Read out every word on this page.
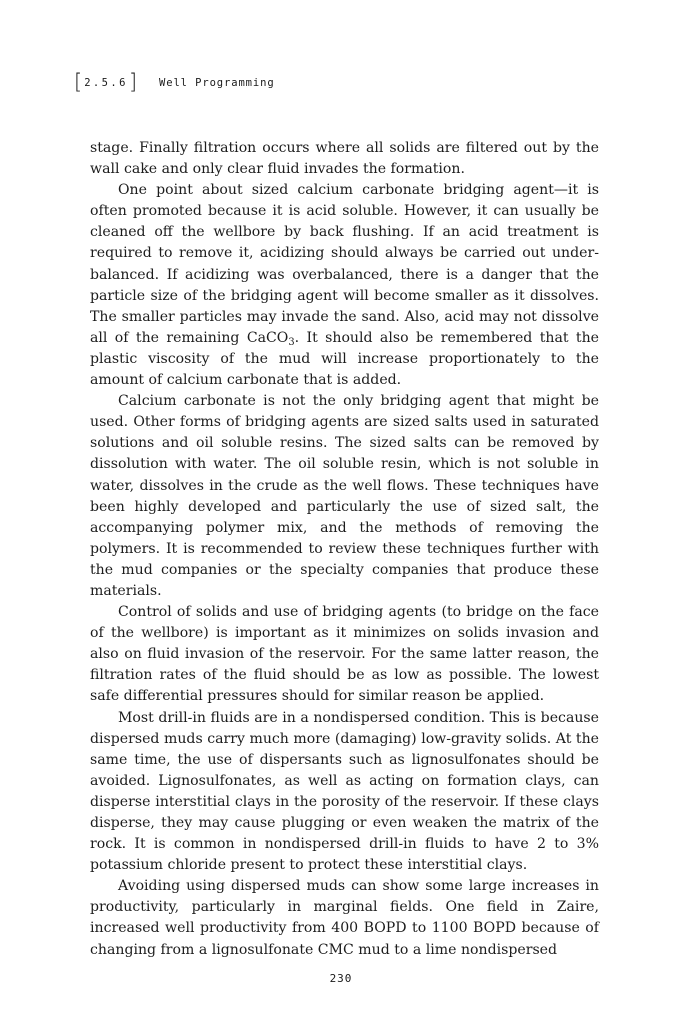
[ 2.5.6 ] Well Programming

stage. Finally filtration occurs where all solids are filtered out by the wall cake and only clear fluid invades the formation.

One point about sized calcium carbonate bridging agent—it is often promoted because it is acid soluble. However, it can usually be cleaned off the wellbore by back flushing. If an acid treatment is required to remove it, acidizing should always be carried out under-balanced. If acidizing was overbalanced, there is a danger that the particle size of the bridging agent will become smaller as it dissolves. The smaller particles may invade the sand. Also, acid may not dissolve all of the remaining CaCO$_3$. It should also be remembered that the plastic viscosity of the mud will increase proportionately to the amount of calcium carbonate that is added.

Calcium carbonate is not the only bridging agent that might be used. Other forms of bridging agents are sized salts used in saturated solutions and oil soluble resins. The sized salts can be removed by dissolution with water. The oil soluble resin, which is not soluble in water, dissolves in the crude as the well flows. These techniques have been highly developed and particularly the use of sized salt, the accompanying polymer mix, and the methods of removing the polymers. It is recommended to review these techniques further with the mud companies or the specialty companies that produce these materials.

Control of solids and use of bridging agents (to bridge on the face of the wellbore) is important as it minimizes on solids invasion and also on fluid invasion of the reservoir. For the same latter reason, the filtration rates of the fluid should be as low as possible. The lowest safe differential pressures should for similar reason be applied.

Most drill-in fluids are in a nondispersed condition. This is because dispersed muds carry much more (damaging) low-gravity solids. At the same time, the use of dispersants such as lignosulfonates should be avoided. Lignosulfonates, as well as acting on formation clays, can disperse interstitial clays in the porosity of the reservoir. If these clays disperse, they may cause plugging or even weaken the matrix of the rock. It is common in nondispersed drill-in fluids to have 2 to 3% potassium chloride present to protect these interstitial clays.

Avoiding using dispersed muds can show some large increases in productivity, particularly in marginal fields. One field in Zaire, increased well productivity from 400 BOPD to 1100 BOPD because of changing from a lignosulfonate CMC mud to a lime nondispersed

230
